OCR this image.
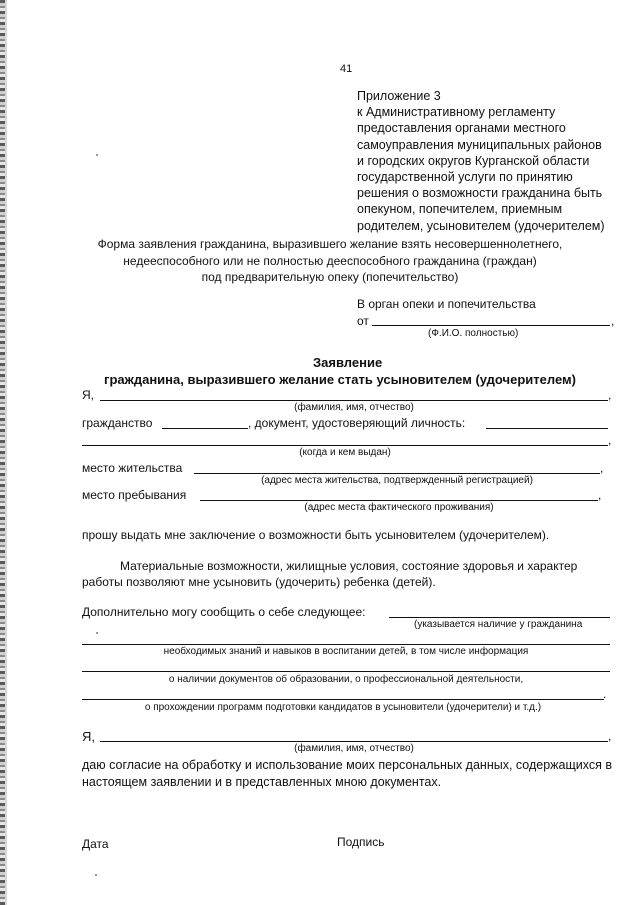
41
Приложение 3
к Административному регламенту
предоставления органами местного
самоуправления муниципальных районов
и городских округов Курганской области
государственной услуги по принятию
решения о возможности гражданина быть
опекуном, попечителем, приемным
родителем, усыновителем (удочерителем)
Форма заявления гражданина, выразившего желание взять несовершеннолетнего,
недееспособного или не полностью дееспособного гражданина (граждан)
под предварительную опеку (попечительство)
В орган опеки и попечительства
от	,
(Ф.И.О. полностью)
Заявление
гражданина, выразившего желание стать усыновителем (удочерителем)
Я,	,
(фамилия, имя, отчество)
гражданство	, документ, удостоверяющий личность:
,
(когда и кем выдан)
место жительства	,
(адрес места жительства, подтвержденный регистрацией)
место пребывания	,
(адрес места фактического проживания)
прошу выдать мне заключение о возможности быть усыновителем (удочерителем).
Материальные возможности, жилищные условия, состояние здоровья и характер
работы позволяют мне усыновить (удочерить) ребенка (детей).
Дополнительно могу сообщить о себе следующее:
(указывается наличие у гражданина
необходимых знаний и навыков в воспитании детей, в том числе информация
о наличии документов об образовании, о профессиональной деятельности,
.
о прохождении программ подготовки кандидатов в усыновители (удочерители) и т.д.)
Я,	,
(фамилия, имя, отчество)
даю согласие на обработку и использование моих персональных данных, содержащихся в настоящем заявлении и в представленных мною документах.
Дата	Подпись
